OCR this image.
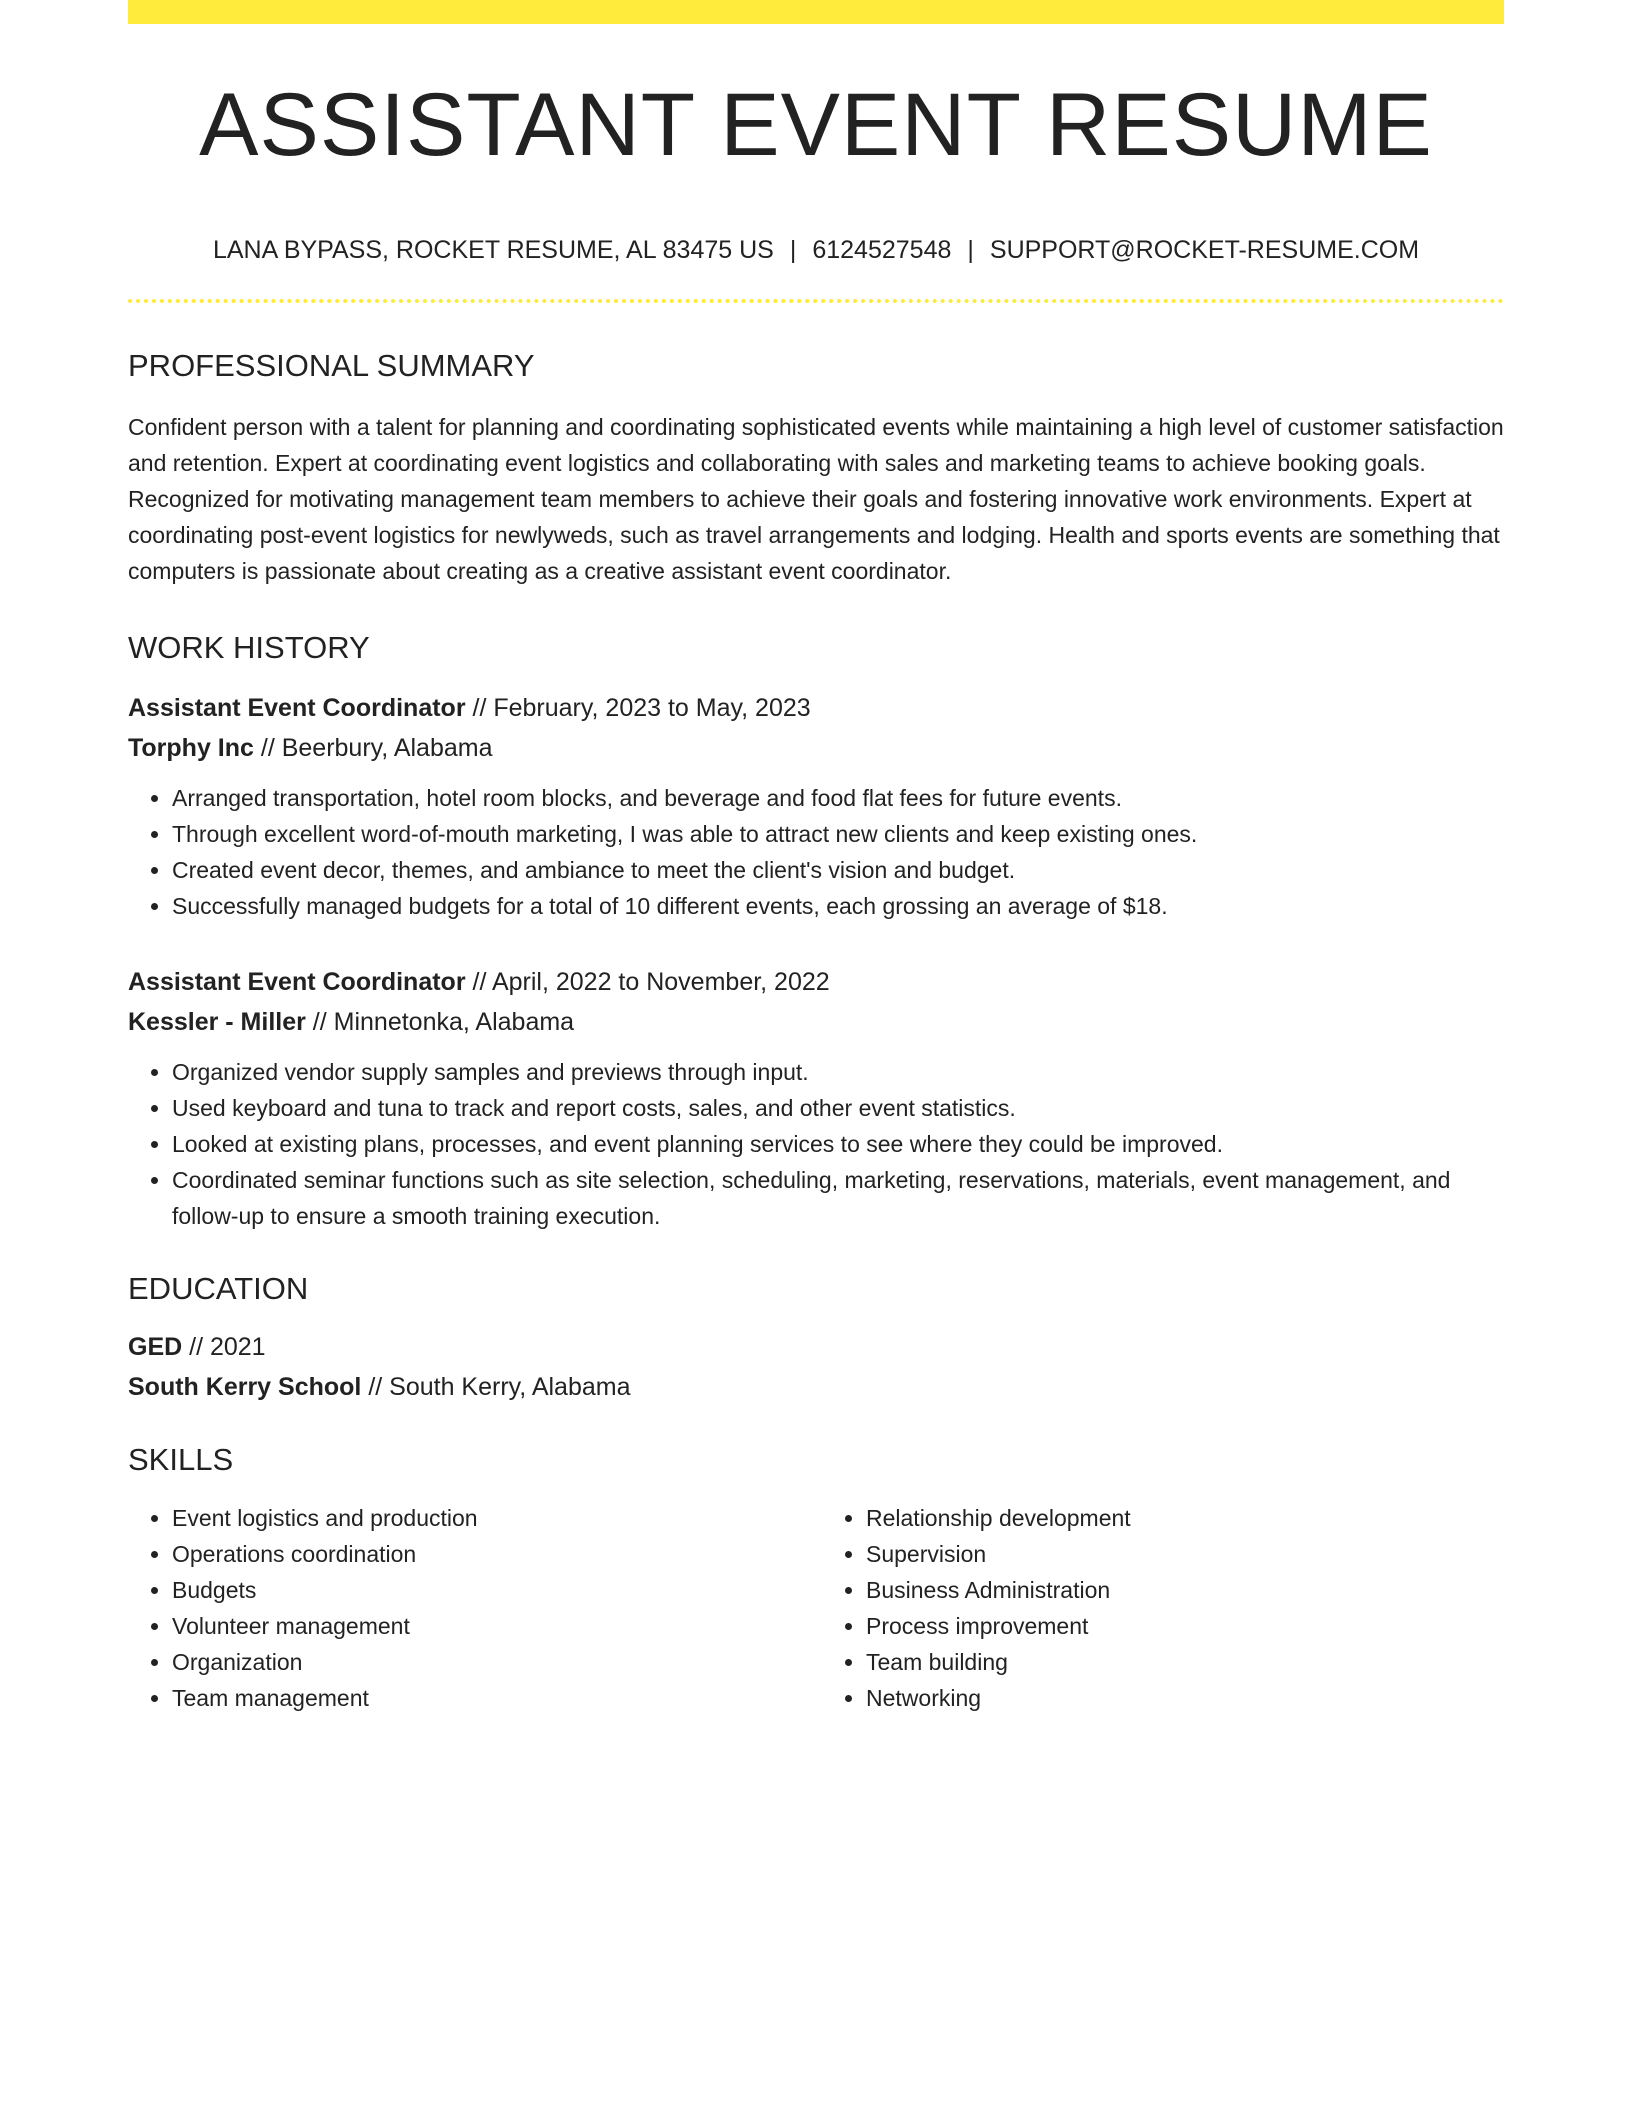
ASSISTANT EVENT RESUME
LANA BYPASS, ROCKET RESUME, AL 83475 US | 6124527548 | SUPPORT@ROCKET-RESUME.COM
PROFESSIONAL SUMMARY

Confident person with a talent for planning and coordinating sophisticated events while maintaining a high level of customer satisfaction and retention. Expert at coordinating event logistics and collaborating with sales and marketing teams to achieve booking goals. Recognized for motivating management team members to achieve their goals and fostering innovative work environments. Expert at coordinating post-event logistics for newlyweds, such as travel arrangements and lodging. Health and sports events are something that computers is passionate about creating as a creative assistant event coordinator.

WORK HISTORY
Assistant Event Coordinator // February, 2023 to May, 2023
Torphy Inc // Beerbury, Alabama
• Arranged transportation, hotel room blocks, and beverage and food flat fees for future events.
• Through excellent word-of-mouth marketing, I was able to attract new clients and keep existing ones.
• Created event decor, themes, and ambiance to meet the client's vision and budget.
• Successfully managed budgets for a total of 10 different events, each grossing an average of $18.
Assistant Event Coordinator // April, 2022 to November, 2022
Kessler - Miller // Minnetonka, Alabama
• Organized vendor supply samples and previews through input.
• Used keyboard and tuna to track and report costs, sales, and other event statistics.
• Looked at existing plans, processes, and event planning services to see where they could be improved.
• Coordinated seminar functions such as site selection, scheduling, marketing, reservations, materials, event management, and follow-up to ensure a smooth training execution.
EDUCATION
GED // 2021
South Kerry School // South Kerry, Alabama
SKILLS
• Event logistics and production
• Operations coordination
• Budgets
• Volunteer management
• Organization
• Team management
• Relationship development
• Supervision
• Business Administration
• Process improvement
• Team building
• Networking
